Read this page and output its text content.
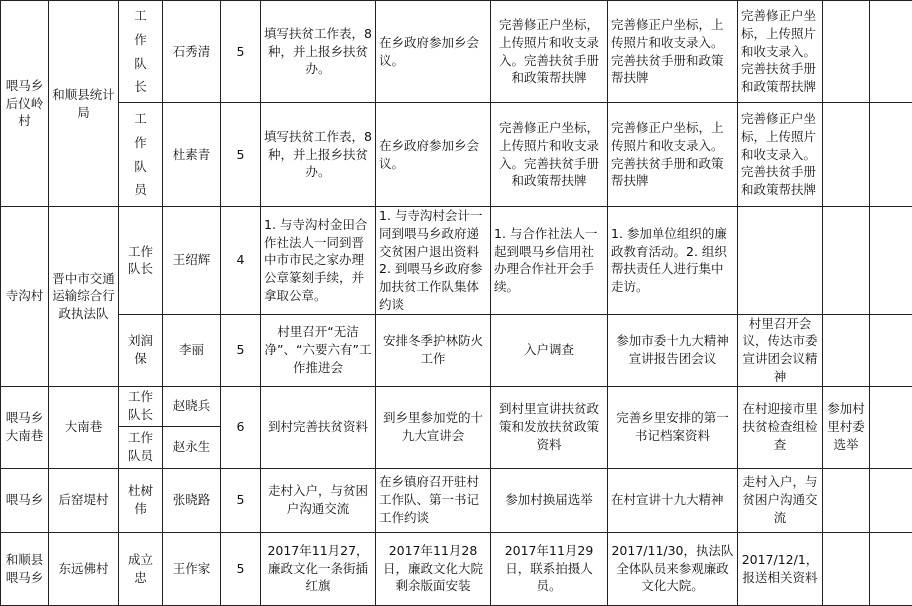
喂马乡后仪岭村	和顺县统计局	工
作
队
长	石秀清	5	填写扶贫工作表，8种，并上报乡扶贫办。	在乡政府参加乡会议。	完善修正户坐标，上传照片和收支录入。完善扶贫手册和政策帮扶牌	完善修正户坐标，上传照片和收支录入。完善扶贫手册和政策帮扶牌	完善修正户坐标，上传照片和收支录入。完善扶贫手册和政策帮扶牌		

		工
作
队
员	杜素青	5	填写扶贫工作表，8种，并上报乡扶贫办。	在乡政府参加乡会议。	完善修正户坐标，上传照片和收支录入。完善扶贫手册和政策帮扶牌	完善修正户坐标，上传照片和收支录入。完善扶贫手册和政策帮扶牌	完善修正户坐标，上传照片和收支录入。完善扶贫手册和政策帮扶牌		
寺沟村	晋中市交通运输综合行政执法队	工作队长	王绍辉	4	1. 与寺沟村金田合作社法人一同到晋中市市民之家办理公章篆刻手续，并拿取公章。	1. 与寺沟村会计一同到喂马乡政府递交贫困户退出资料2. 到喂马乡政府参加扶贫工作队集体约谈	1. 与合作社法人一起到喂马乡信用社办理合作社开会手续。	1. 参加单位组织的廉政教育活动。2. 组织帮扶责任人进行集中走访。			
		刘润保	李丽	5	村里召开“无洁净”、“六要六有”工作推进会	安排冬季护林防火工作	入户调查	参加市委十九大精神宣讲报告团会议	村里召开会议，传达市委宣讲团会议精神		
喂马乡大南巷	大南巷	工作队长	赵晓兵	6	到村完善扶贫资料	到乡里参加党的十九大宣讲会	到村里宣讲扶贫政策和发放扶贫政策资料	完善乡里安排的第一书记档案资料	在村迎接市里扶贫检查组检查	参加村里村委选举	
		工作队员	赵永生								
喂马乡	后窑堤村	杜树伟	张晓路	5	走村入户，与贫困户沟通交流	在乡镇府召开驻村工作队、第一书记工作约谈	参加村换届选举	在村宣讲十九大精神	走村入户，与贫困户沟通交流		
和顺县喂马乡	东远佛村	成立忠	王作家	5	2017年11月27，廉政文化一条街插红旗	2017年11月28日，廉政文化大院剩余版面安装	2017年11月29日，联系拍摄人员。	2017/11/30，执法队全体队员来参观廉政文化大院。	2017/12/1，报送相关资料		
